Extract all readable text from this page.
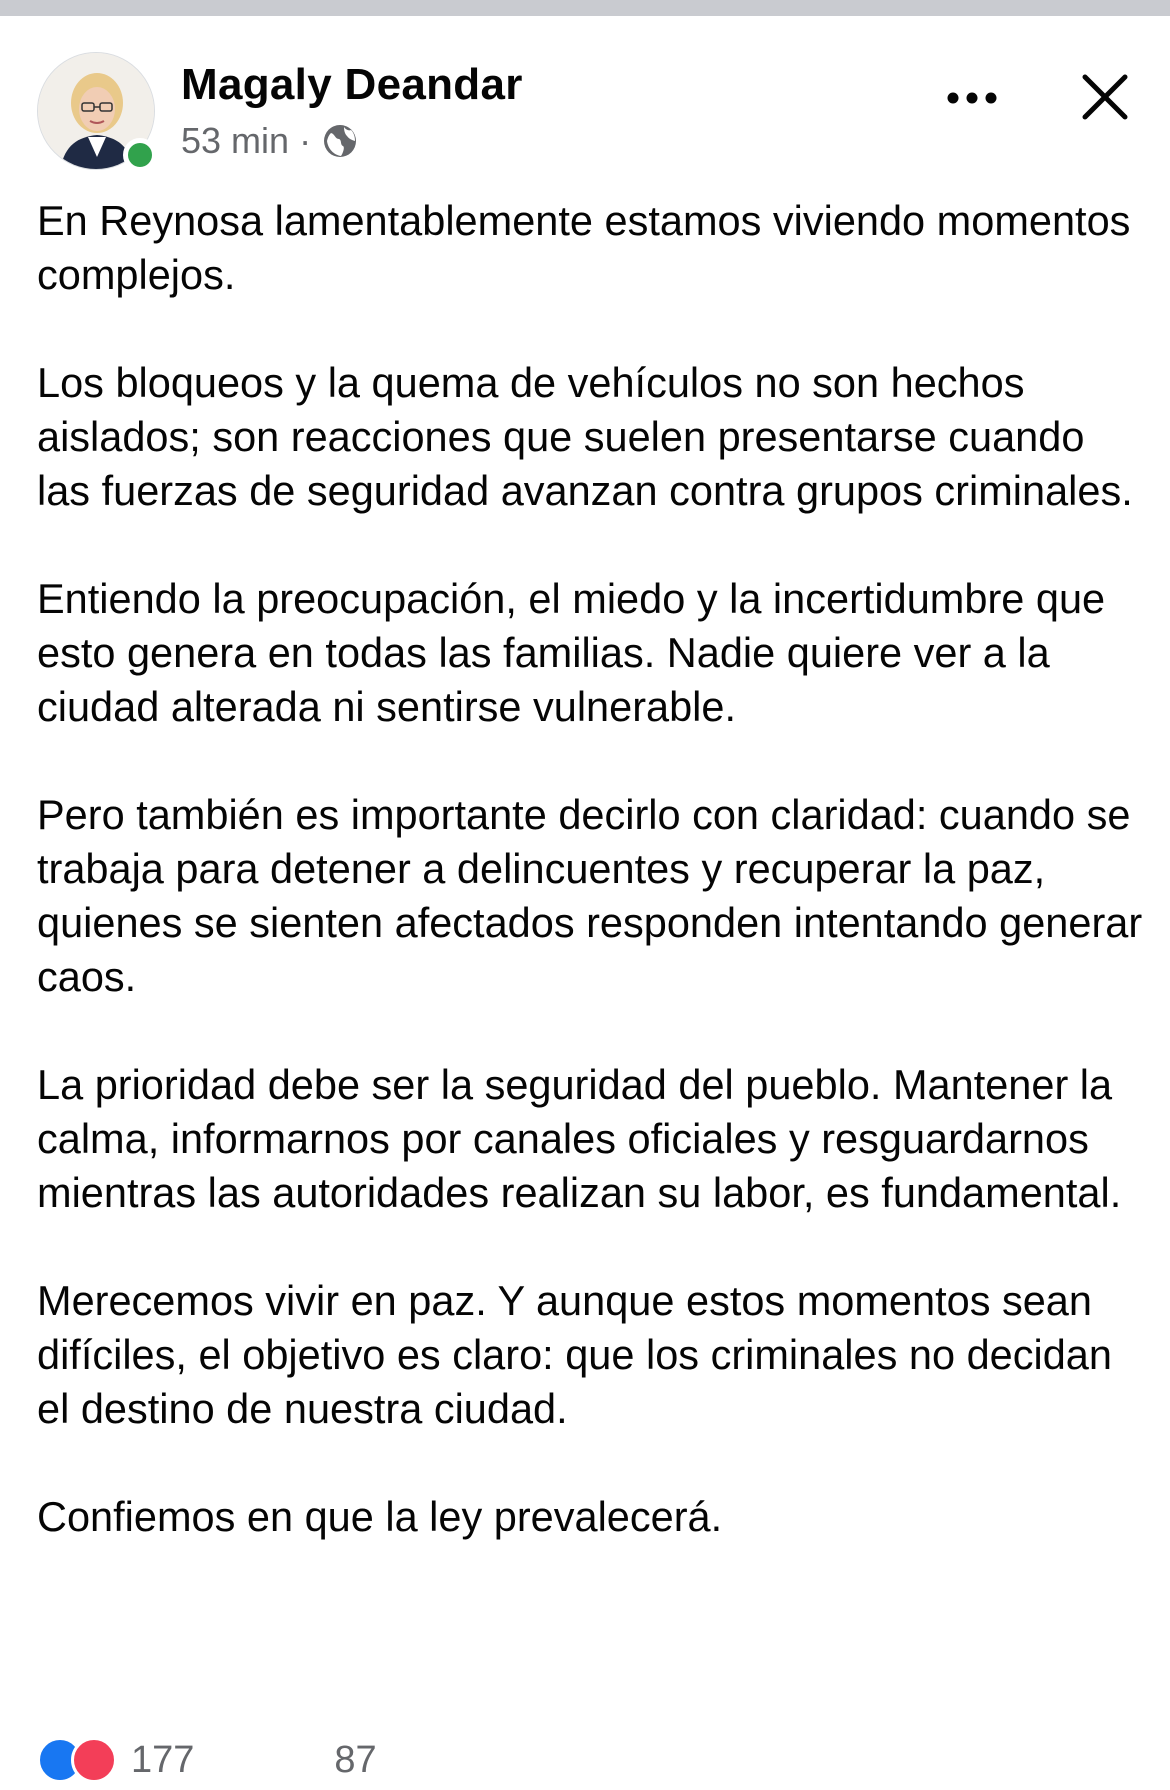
Magaly Deandar
53 min ·

En Reynosa lamentablemente estamos viviendo momentos complejos.

Los bloqueos y la quema de vehículos no son hechos aislados; son reacciones que suelen presentarse cuando las fuerzas de seguridad avanzan contra grupos criminales.

Entiendo la preocupación, el miedo y la incertidumbre que esto genera en todas las familias. Nadie quiere ver a la ciudad alterada ni sentirse vulnerable.

Pero también es importante decirlo con claridad: cuando se trabaja para detener a delincuentes y recuperar la paz, quienes se sienten afectados responden intentando generar caos.

La prioridad debe ser la seguridad del pueblo. Mantener la calma, informarnos por canales oficiales y resguardarnos mientras las autoridades realizan su labor, es fundamental.

Merecemos vivir en paz. Y aunque estos momentos sean difíciles, el objetivo es claro: que los criminales no decidan el destino de nuestra ciudad.

Confiemos en que la ley prevalecerá.

177	87
